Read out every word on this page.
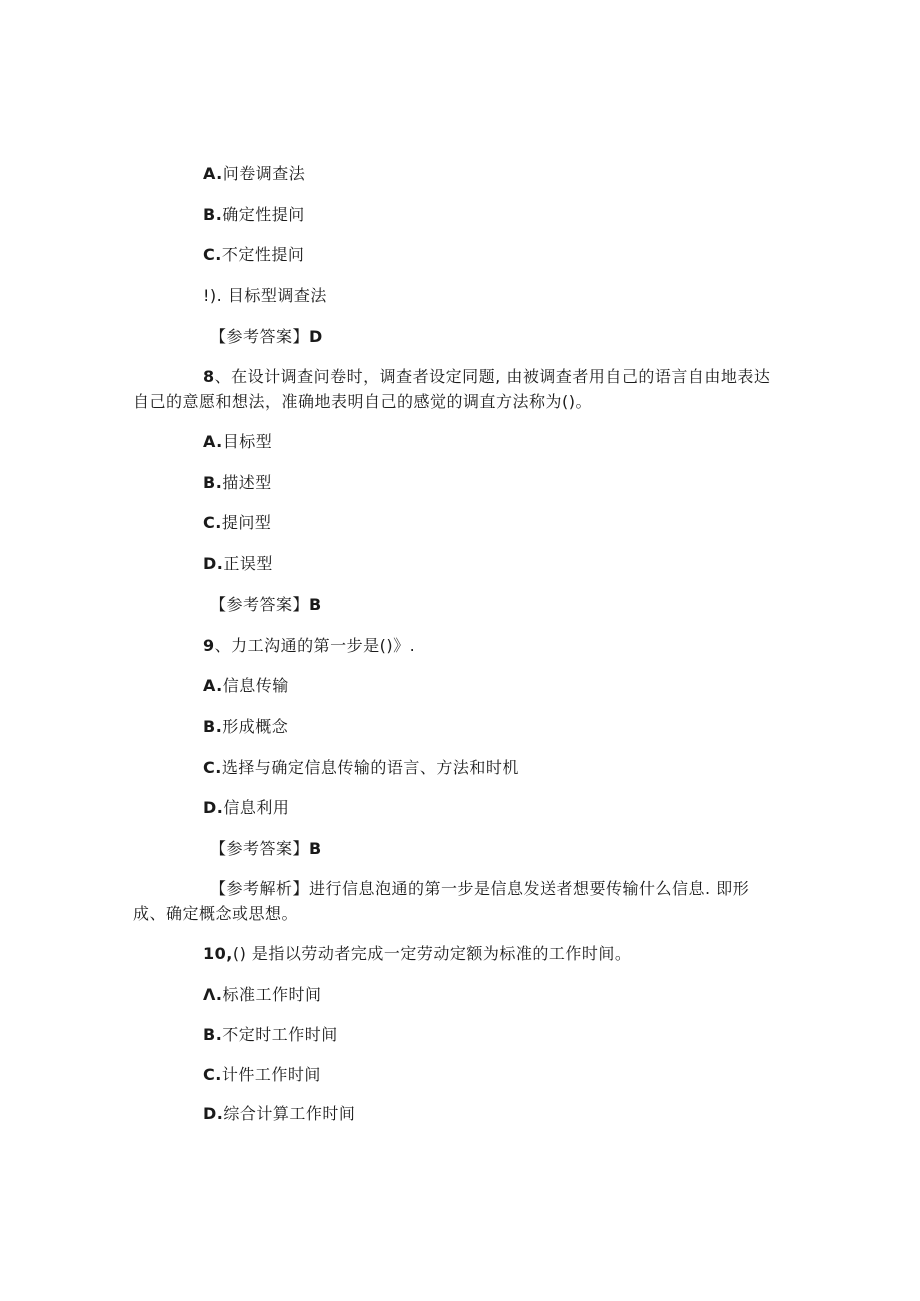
A.问卷调查法
B.确定性提问
C.不定性提问
!). 目标型调查法
【参考答案】D
8、在设计调查问卷时，调查者设定同题, 由被调查者用自己的语言自由地表达
自己的意愿和想法，准确地表明自己的感觉的调直方法称为()。
A.目标型
B.描述型
C.提问型
D.正误型
【参考答案】B
9、力工沟通的第一步是()》.
A.信息传输
B.形成概念
C.选择与确定信息传输的语言、方法和时机
D.信息利用
【参考答案】B
【参考解析】进行信息泡通的第一步是信息发送者想要传输什么信息. 即形
成、确定概念或思想。
10,() 是指以劳动者完成一定劳动定额为标准的工作时间。
Λ.标准工作时间
B.不定时工作时间
C.计件工作时间
D.综合计算工作时间
